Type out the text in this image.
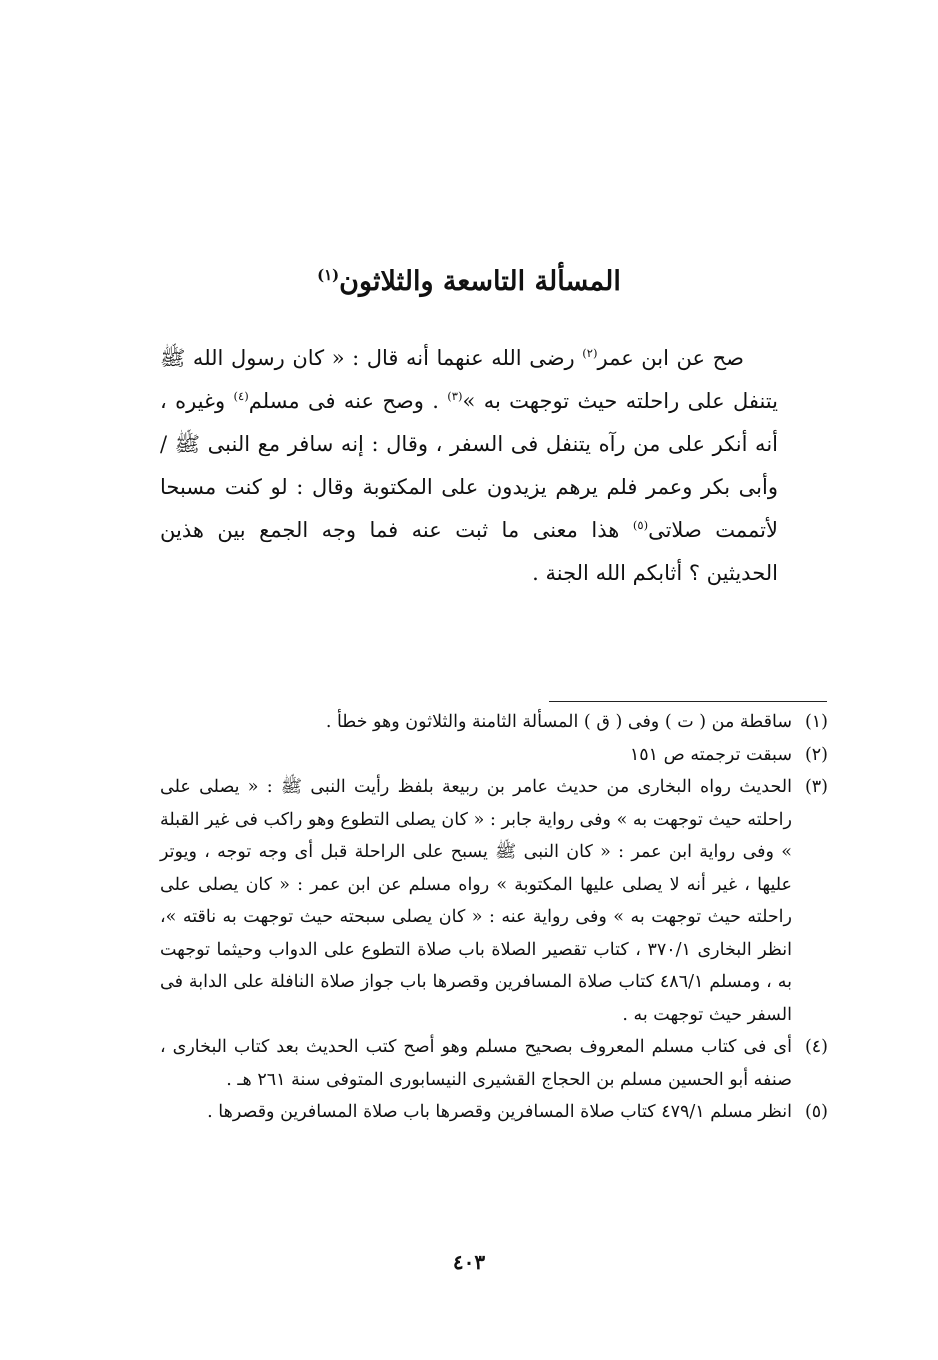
المسألة التاسعة والثلاثون$^{(١)}$

صح عن ابن عمر$^{(٢)}$ رضى الله عنهما أنه قال : « كان رسول الله ﷺ يتنفل على راحلته حيث توجهت به »$^{(٣)}$ . وصح عنه فى مسلم$^{(٤)}$ وغيره ، أنه أنكر على من رآه يتنفل فى السفر ، وقال : إنه سافر مع النبى ﷺ / وأبى بكر وعمر فلم يرهم يزيدون على المكتوبة وقال : لو كنت مسبحا لأتممت صلاتى$^{(٥)}$ هذا معنى ما ثبت عنه فما وجه الجمع بين هذين الحديثين ؟ أثابكم الله الجنة .

(١)
ساقطة من ( ت ) وفى ( ق ) المسألة الثامنة والثلاثون وهو خطأ .

(٢)
سبقت ترجمته ص ١٥١

(٣)
الحديث رواه البخارى من حديث عامر بن ربيعة بلفظ رأيت النبى ﷺ : « يصلى على راحلته حيث توجهت به » وفى رواية جابر : « كان يصلى التطوع وهو راكب فى غير القبلة » وفى رواية ابن عمر : « كان النبى ﷺ يسبح على الراحلة قبل أى وجه توجه ، ويوتر عليها ، غير أنه لا يصلى عليها المكتوبة » رواه مسلم عن ابن عمر : « كان يصلى على راحلته حيث توجهت به » وفى رواية عنه : « كان يصلى سبحته حيث توجهت به ناقته »، انظر البخارى ٣٧٠/١ ، كتاب تقصير الصلاة باب صلاة التطوع على الدواب وحيثما توجهت به ، ومسلم ٤٨٦/١ كتاب صلاة المسافرين وقصرها باب جواز صلاة النافلة على الدابة فى السفر حيث توجهت به .

(٤)
أى فى كتاب مسلم المعروف بصحيح مسلم وهو أصح كتب الحديث بعد كتاب البخارى ، صنفه أبو الحسين مسلم بن الحجاج القشيرى النيسابورى المتوفى سنة ٢٦١ هـ .

(٥)
انظر مسلم ٤٧٩/١ كتاب صلاة المسافرين وقصرها باب صلاة المسافرين وقصرها .

٤٠٣
